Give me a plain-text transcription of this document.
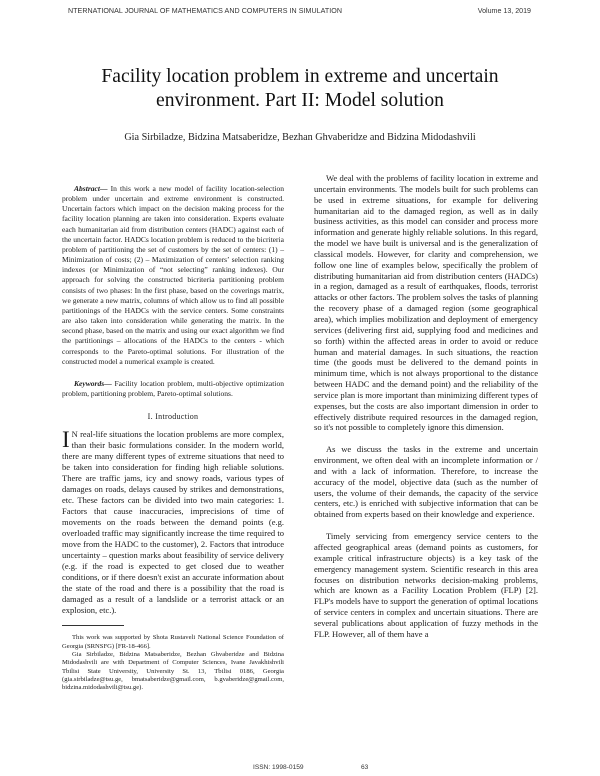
NTERNATIONAL JOURNAL OF MATHEMATICS AND COMPUTERS IN SIMULATION	Volume 13, 2019
Facility location problem in extreme and uncertain environment. Part II: Model solution
Gia Sirbiladze, Bidzina Matsaberidze, Bezhan Ghvaberidze and Bidzina Midodashvili

Abstract— In this work a new model of facility location-selection problem under uncertain and extreme environment is constructed. Uncertain factors which impact on the decision making process for the facility location planning are taken into consideration. Experts evaluate each humanitarian aid from distribution centers (HADC) against each of the uncertain factor. HADCs location problem is reduced to the bicriteria problem of partitioning the set of customers by the set of centers: (1) – Minimization of costs; (2) – Maximization of centers’ selection ranking indexes (or Minimization of “not selecting” ranking indexes). Our approach for solving the constructed bicriteria partitioning problem consists of two phases: In the first phase, based on the coverings matrix, we generate a new matrix, columns of which allow us to find all possible partitionings of the HADCs with the service centers. Some constraints are also taken into consideration while generating the matrix. In the second phase, based on the matrix and using our exact algorithm we find the partitionings – allocations of the HADCs to the centers - which corresponds to the Pareto-optimal solutions. For illustration of the constructed model a numerical example is created.

Keywords— Facility location problem, multi-objective optimization problem, partitioning problem, Pareto-optimal solutions.

I. Introduction

I N real-life situations the location problems are more complex, than their basic formulations consider. In the modern world, there are many different types of extreme situations that need to be taken into consideration for finding high reliable solutions. There are traffic jams, icy and snowy roads, various types of damages on roads, delays caused by strikes and demonstrations, etc. These factors can be divided into two main categories: 1. Factors that cause inaccuracies, imprecisions of time of movements on the roads between the demand points (e.g. overloaded traffic may significantly increase the time required to move from the HADC to the customer), 2. Factors that introduce uncertainty – question marks about feasibility of service delivery (e.g. if the road is expected to get closed due to weather conditions, or if there doesn't exist an accurate information about the state of the road and there is a possibility that the road is damaged as a result of a landslide or a terrorist attack or an explosion, etc.).

This work was supported by Shota Rustaveli National Science Foundation of Georgia (SRNSFG) [FR-18-466].

Gia Sirbiladze, Bidzina Matsaberidze, Bezhan Ghvaberidze and Bidzina Midodashvili are with Department of Computer Sciences, Ivane Javakhishvili Tbilisi State University, University St. 13, Tbilisi 0186, Georgia (gia.sirbiladze@tsu.ge, bmatsaberidze@gmail.com, b.gvaberidze@gmail.com, bidzina.midodashvili@tsu.ge).

We deal with the problems of facility location in extreme and uncertain environments. The models built for such problems can be used in extreme situations, for example for delivering humanitarian aid to the damaged region, as well as in daily business activities, as this model can consider and process more information and generate highly reliable solutions. In this regard, the model we have built is universal and is the generalization of classical models. However, for clarity and comprehension, we follow one line of examples below, specifically the problem of distributing humanitarian aid from distribution centers (HADCs) in a region, damaged as a result of earthquakes, floods, terrorist attacks or other factors. The problem solves the tasks of planning the recovery phase of a damaged region (some geographical area), which implies mobilization and deployment of emergency services (delivering first aid, supplying food and medicines and so forth) within the affected areas in order to avoid or reduce human and material damages. In such situations, the reaction time (the goods must be delivered to the demand points in minimum time, which is not always proportional to the distance between HADC and the demand point) and the reliability of the service plan is more important than minimizing different types of expenses, but the costs are also important dimension in order to effectively distribute required resources in the damaged region, so it's not possible to completely ignore this dimension.

As we discuss the tasks in the extreme and uncertain environment, we often deal with an incomplete information or / and with a lack of information. Therefore, to increase the accuracy of the model, objective data (such as the number of users, the volume of their demands, the capacity of the service centers, etc.) is enriched with subjective information that can be obtained from experts based on their knowledge and experience.

Timely servicing from emergency service centers to the affected geographical areas (demand points as customers, for example critical infrastructure objects) is a key task of the emergency management system. Scientific research in this area focuses on distribution networks decision-making problems, which are known as a Facility Location Problem (FLP) [2]. FLP's models have to support the generation of optimal locations of service centers in complex and uncertain situations. There are several publications about application of fuzzy methods in the FLP. However, all of them have a

ISSN: 1998-0159	63
